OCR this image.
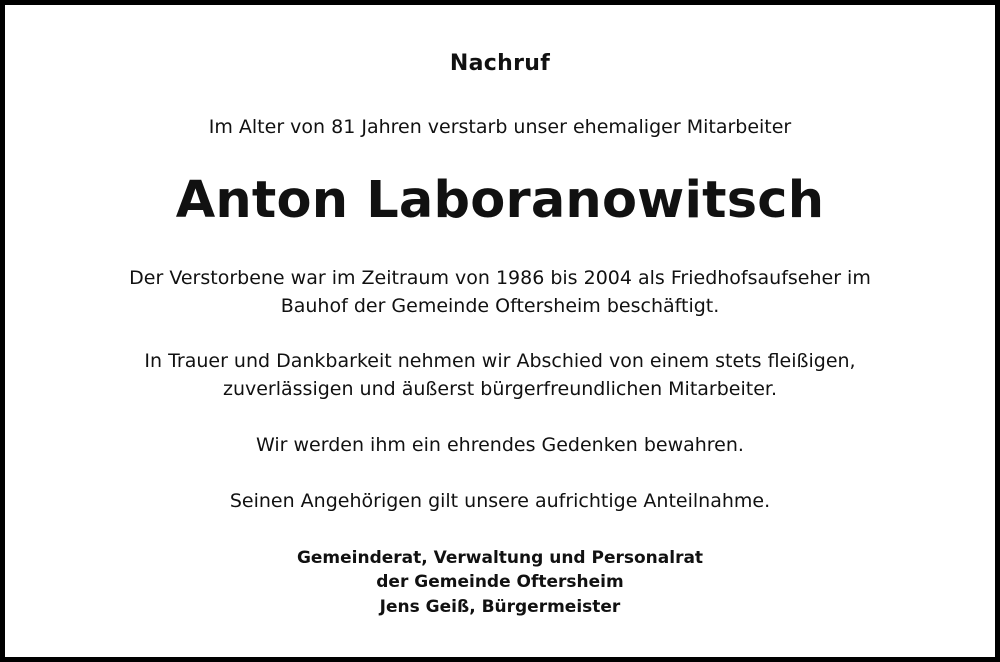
Nachruf

Im Alter von 81 Jahren verstarb unser ehemaliger Mitarbeiter

Anton Laboranowitsch

Der Verstorbene war im Zeitraum von 1986 bis 2004 als Friedhofsaufseher im
Bauhof der Gemeinde Oftersheim beschäftigt.

In Trauer und Dankbarkeit nehmen wir Abschied von einem stets fleißigen,
zuverlässigen und äußerst bürgerfreundlichen Mitarbeiter.

Wir werden ihm ein ehrendes Gedenken bewahren.

Seinen Angehörigen gilt unsere aufrichtige Anteilnahme.

Gemeinderat, Verwaltung und Personalrat

der Gemeinde Oftersheim

Jens Geiß, Bürgermeister
